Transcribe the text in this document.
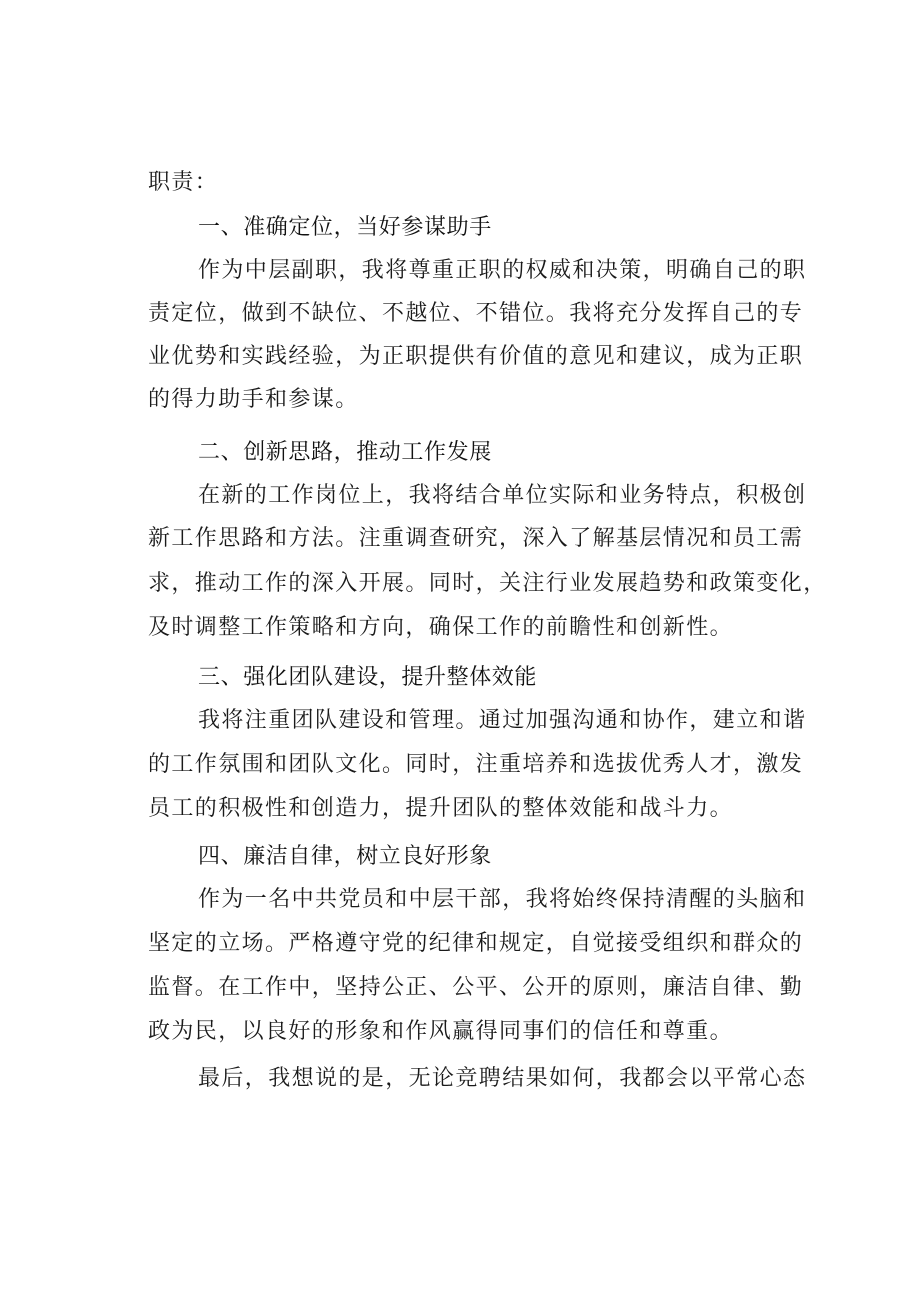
职责：
一、准确定位，当好参谋助手
作为中层副职，我将尊重正职的权威和决策，明确自己的职
责定位，做到不缺位、不越位、不错位。我将充分发挥自己的专
业优势和实践经验，为正职提供有价值的意见和建议，成为正职
的得力助手和参谋。
二、创新思路，推动工作发展
在新的工作岗位上，我将结合单位实际和业务特点，积极创
新工作思路和方法。注重调查研究，深入了解基层情况和员工需
求，推动工作的深入开展。同时，关注行业发展趋势和政策变化，
及时调整工作策略和方向，确保工作的前瞻性和创新性。
三、强化团队建设，提升整体效能
我将注重团队建设和管理。通过加强沟通和协作，建立和谐
的工作氛围和团队文化。同时，注重培养和选拔优秀人才，激发
员工的积极性和创造力，提升团队的整体效能和战斗力。
四、廉洁自律，树立良好形象
作为一名中共党员和中层干部，我将始终保持清醒的头脑和
坚定的立场。严格遵守党的纪律和规定，自觉接受组织和群众的
监督。在工作中，坚持公正、公平、公开的原则，廉洁自律、勤
政为民，以良好的形象和作风赢得同事们的信任和尊重。
最后，我想说的是，无论竞聘结果如何，我都会以平常心态
